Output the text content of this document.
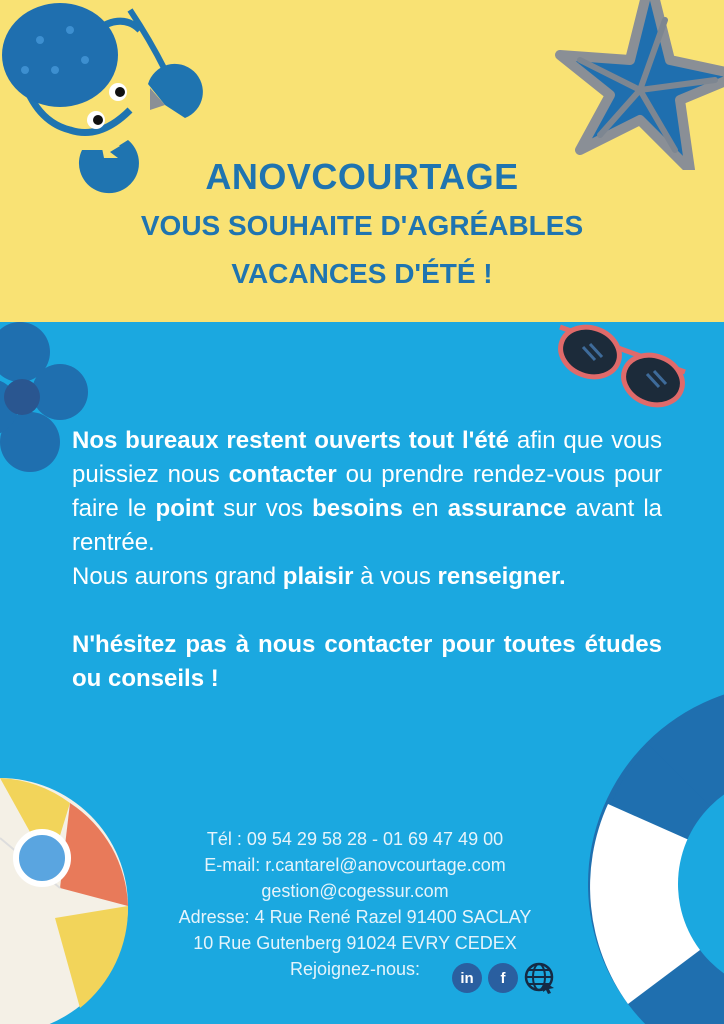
ANOVCOURTAGE
VOUS SOUHAITE D'AGRÉABLES
VACANCES D'ÉTÉ !

Nos bureaux restent ouverts tout l'été afin que vous puissiez nous contacter ou prendre rendez-vous pour faire le point sur vos besoins en assurance avant la rentrée.

Nous aurons grand plaisir à vous renseigner.

N'hésitez pas à nous contacter pour toutes études ou conseils !

Tél : 09 54 29 58 28 - 01 69 47 49 00
E-mail: r.cantarel@anovcourtage.com
gestion@cogessur.com
Adresse: 4 Rue René Razel 91400 SACLAY
10 Rue Gutenberg 91024 EVRY CEDEX
Rejoignez-nous:	in	f
